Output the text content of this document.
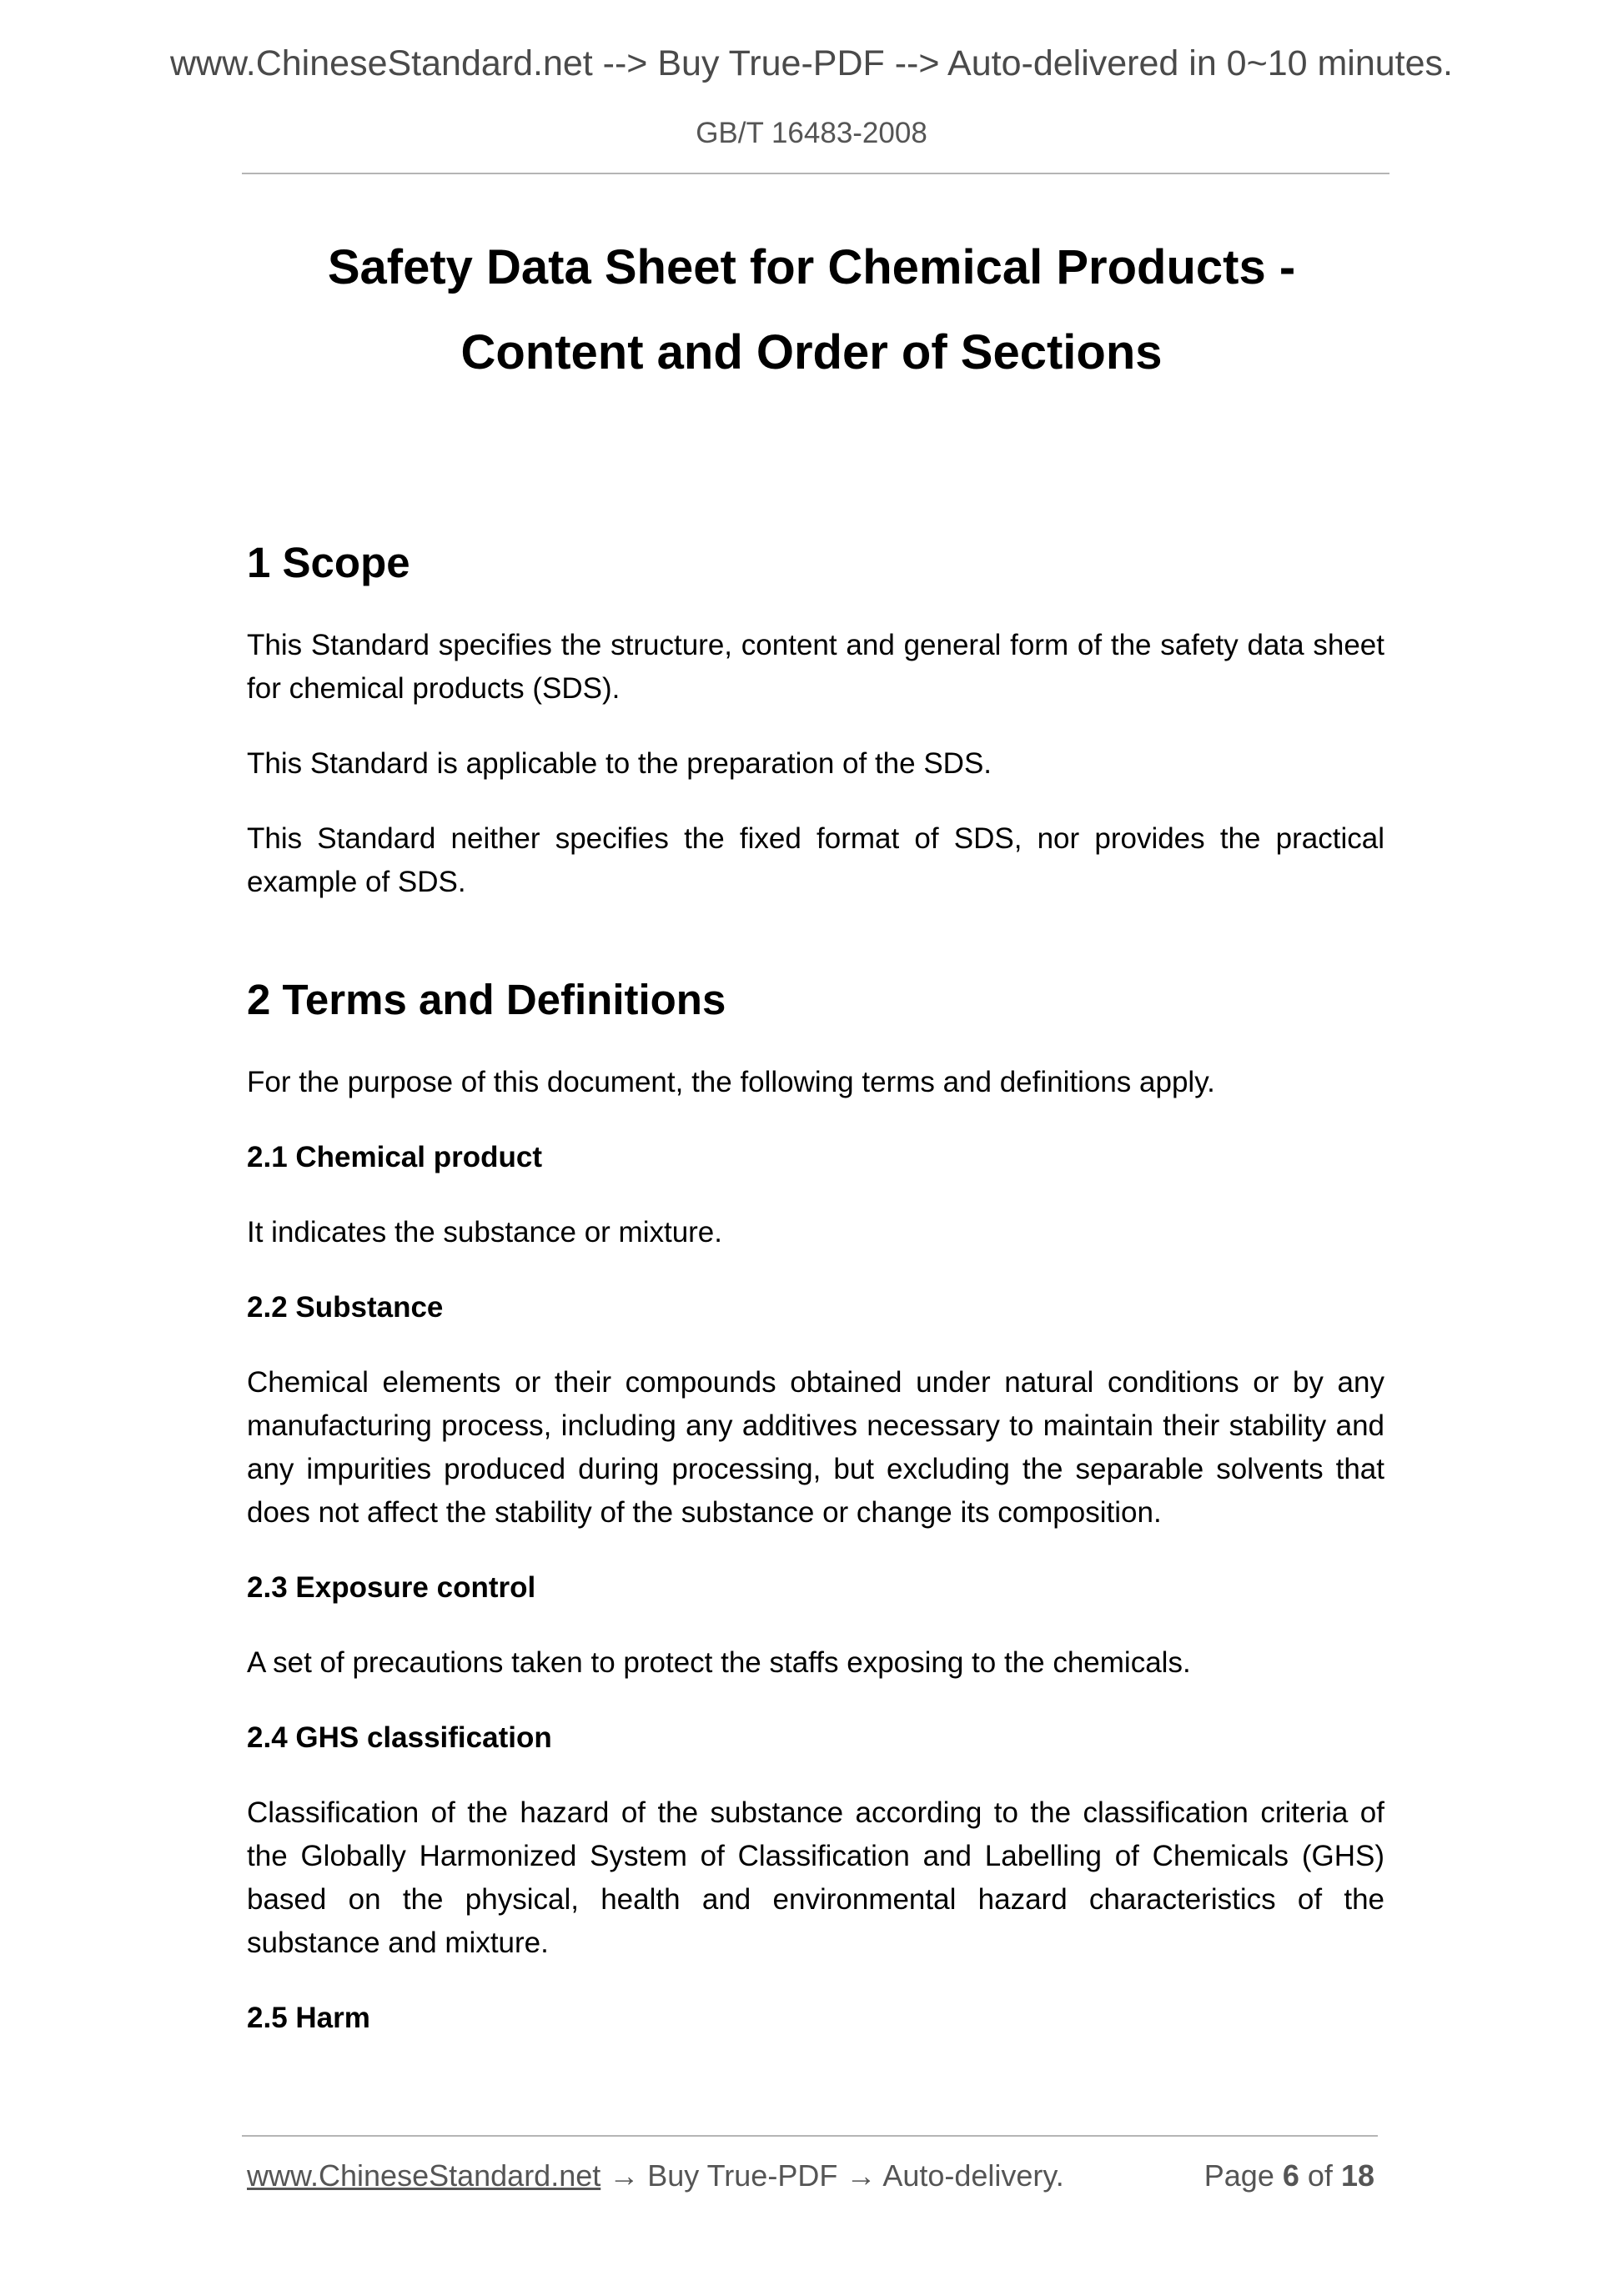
www.ChineseStandard.net --> Buy True-PDF --> Auto-delivered in 0~10 minutes.
GB/T 16483-2008
Safety Data Sheet for Chemical Products -
Content and Order of Sections
1 Scope
This Standard specifies the structure, content and general form of the safety data sheet for chemical products (SDS).
This Standard is applicable to the preparation of the SDS.
This Standard neither specifies the fixed format of SDS, nor provides the practical example of SDS.
2 Terms and Definitions
For the purpose of this document, the following terms and definitions apply.
2.1 Chemical product
It indicates the substance or mixture.
2.2 Substance
Chemical elements or their compounds obtained under natural conditions or by any manufacturing process, including any additives necessary to maintain their stability and any impurities produced during processing, but excluding the separable solvents that does not affect the stability of the substance or change its composition.
2.3 Exposure control
A set of precautions taken to protect the staffs exposing to the chemicals.
2.4 GHS classification
Classification of the hazard of the substance according to the classification criteria of the Globally Harmonized System of Classification and Labelling of Chemicals (GHS) based on the physical, health and environmental hazard characteristics of the substance and mixture.
2.5 Harm
www.ChineseStandard.net → Buy True-PDF → Auto-delivery.	Page 6 of 18
